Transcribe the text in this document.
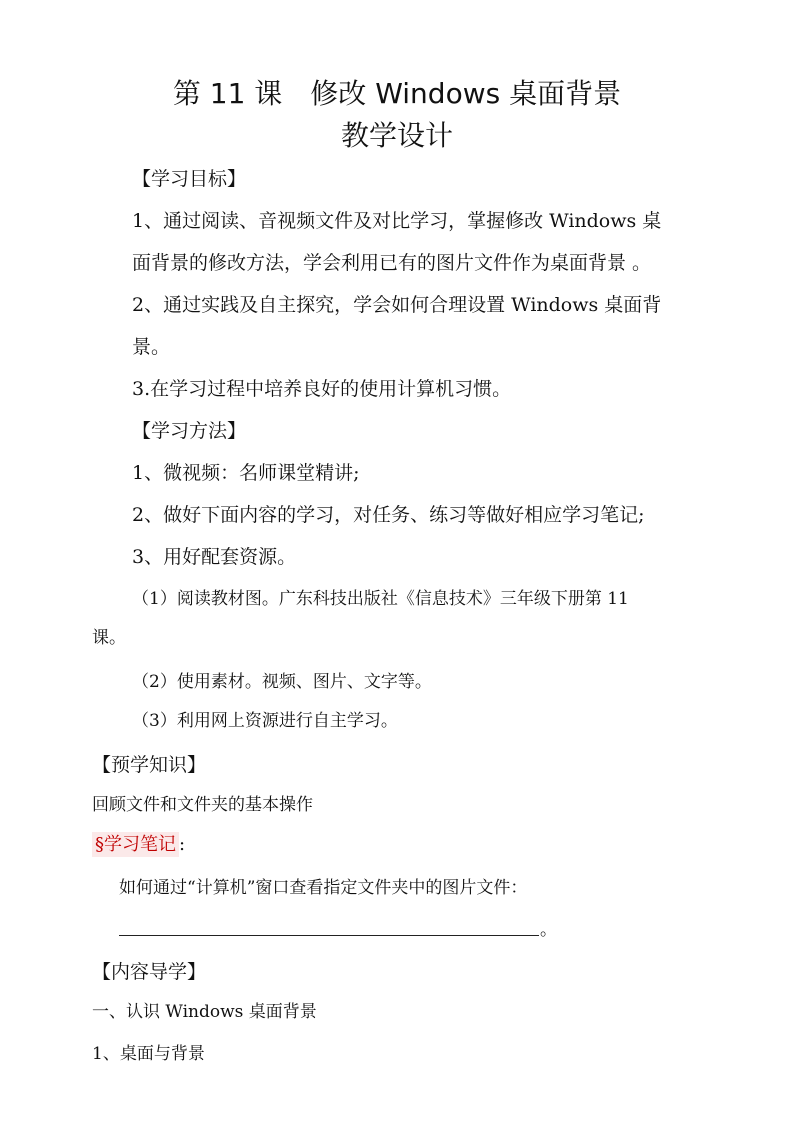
第 11 课　修改 Windows 桌面背景
教学设计
【学习目标】
1、通过阅读、音视频文件及对比学习，掌握修改 Windows 桌
面背景的修改方法，学会利用已有的图片文件作为桌面背景 。
2、通过实践及自主探究，学会如何合理设置 Windows 桌面背
景。
3.在学习过程中培养良好的使用计算机习惯。
【学习方法】
1、微视频：名师课堂精讲;
2、做好下面内容的学习，对任务、练习等做好相应学习笔记;
3、用好配套资源。
（1）阅读教材图。广东科技出版社《信息技术》三年级下册第 11
课。
（2）使用素材。视频、图片、文字等。
（3）利用网上资源进行自主学习。
【预学知识】
回顾文件和文件夹的基本操作
§学习笔记 :
如何通过“计算机”窗口查看指定文件夹中的图片文件：
。
【内容导学】
一、认识 Windows 桌面背景
1、桌面与背景
